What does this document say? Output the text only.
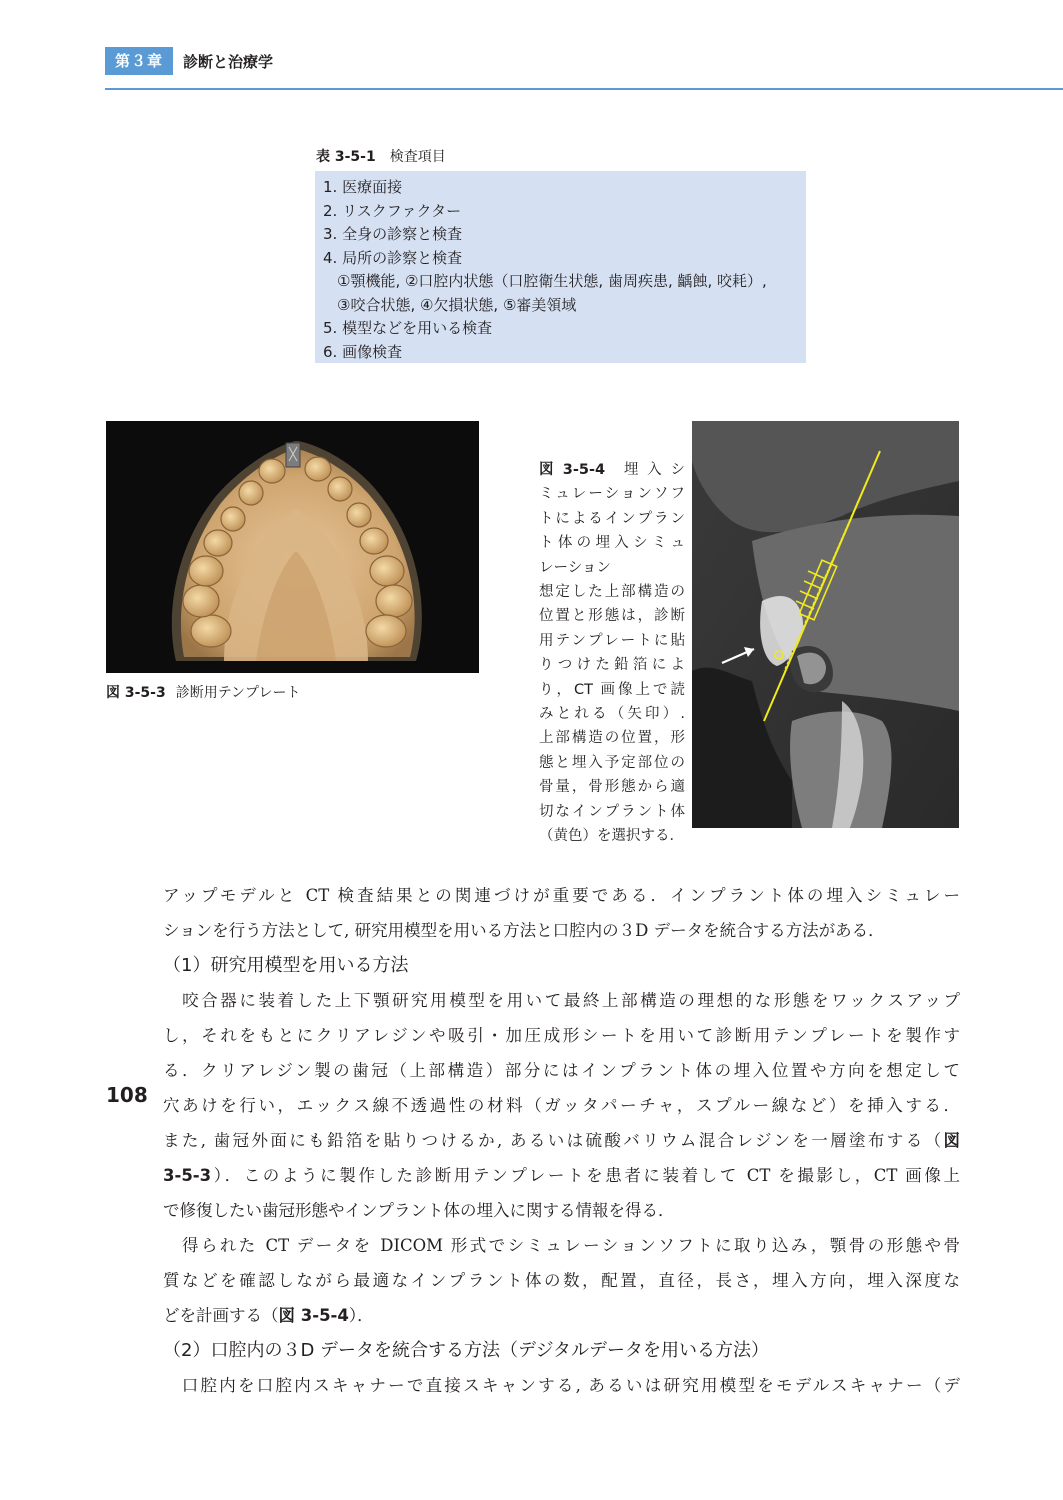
第３章	診断と治療学
表 3-5-1 検査項目
1. 医療面接
2. リスクファクター
3. 全身の診察と検査
4. 局所の診察と検査
①顎機能, ②口腔内状態（口腔衛生状態, 歯周疾患, 齲蝕, 咬耗）,
③咬合状態, ④欠損状態, ⑤審美領域
5. 模型などを用いる検査
6. 画像検査
図 3-5-3 診断用テンプレート
図 3-5-4　 埋 入 シ
ミュレーションソフ
トによるインプラン
ト体の埋入シミュ
レーション
想定した上部構造の
位置と形態は，診断
用テンプレートに貼
りつけた鉛箔によ
り，CT 画像上で読
みとれる（矢印）.
上部構造の位置，形
態と埋入予定部位の
骨量，骨形態から適
切なインプラント体
（黄色）を選択する．
アップモデルと CT 検査結果との関連づけが重要である．インプラント体の埋入シミュレー
ションを行う方法として, 研究用模型を用いる方法と口腔内の３D データを統合する方法がある．
（1）研究用模型を用いる方法
　咬合器に装着した上下顎研究用模型を用いて最終上部構造の理想的な形態をワックスアップ
し，それをもとにクリアレジンや吸引・加圧成形シートを用いて診断用テンプレートを製作す
る．クリアレジン製の歯冠（上部構造）部分にはインプラント体の埋入位置や方向を想定して
穴あけを行い，エックス線不透過性の材料（ガッタパーチャ，スプルー線など）を挿入する．
また, 歯冠外面にも鉛箔を貼りつけるか, あるいは硫酸バリウム混合レジンを一層塗布する（図
3-5-3）．このように製作した診断用テンプレートを患者に装着して CT を撮影し，CT 画像上
で修復したい歯冠形態やインプラント体の埋入に関する情報を得る．
　得られた CT データを DICOM 形式でシミュレーションソフトに取り込み，顎骨の形態や骨
質などを確認しながら最適なインプラント体の数，配置，直径，長さ，埋入方向，埋入深度な
どを計画する（図 3-5-4）．
（2）口腔内の３D データを統合する方法（デジタルデータを用いる方法）
　口腔内を口腔内スキャナーで直接スキャンする, あるいは研究用模型をモデルスキャナー（デ
108
